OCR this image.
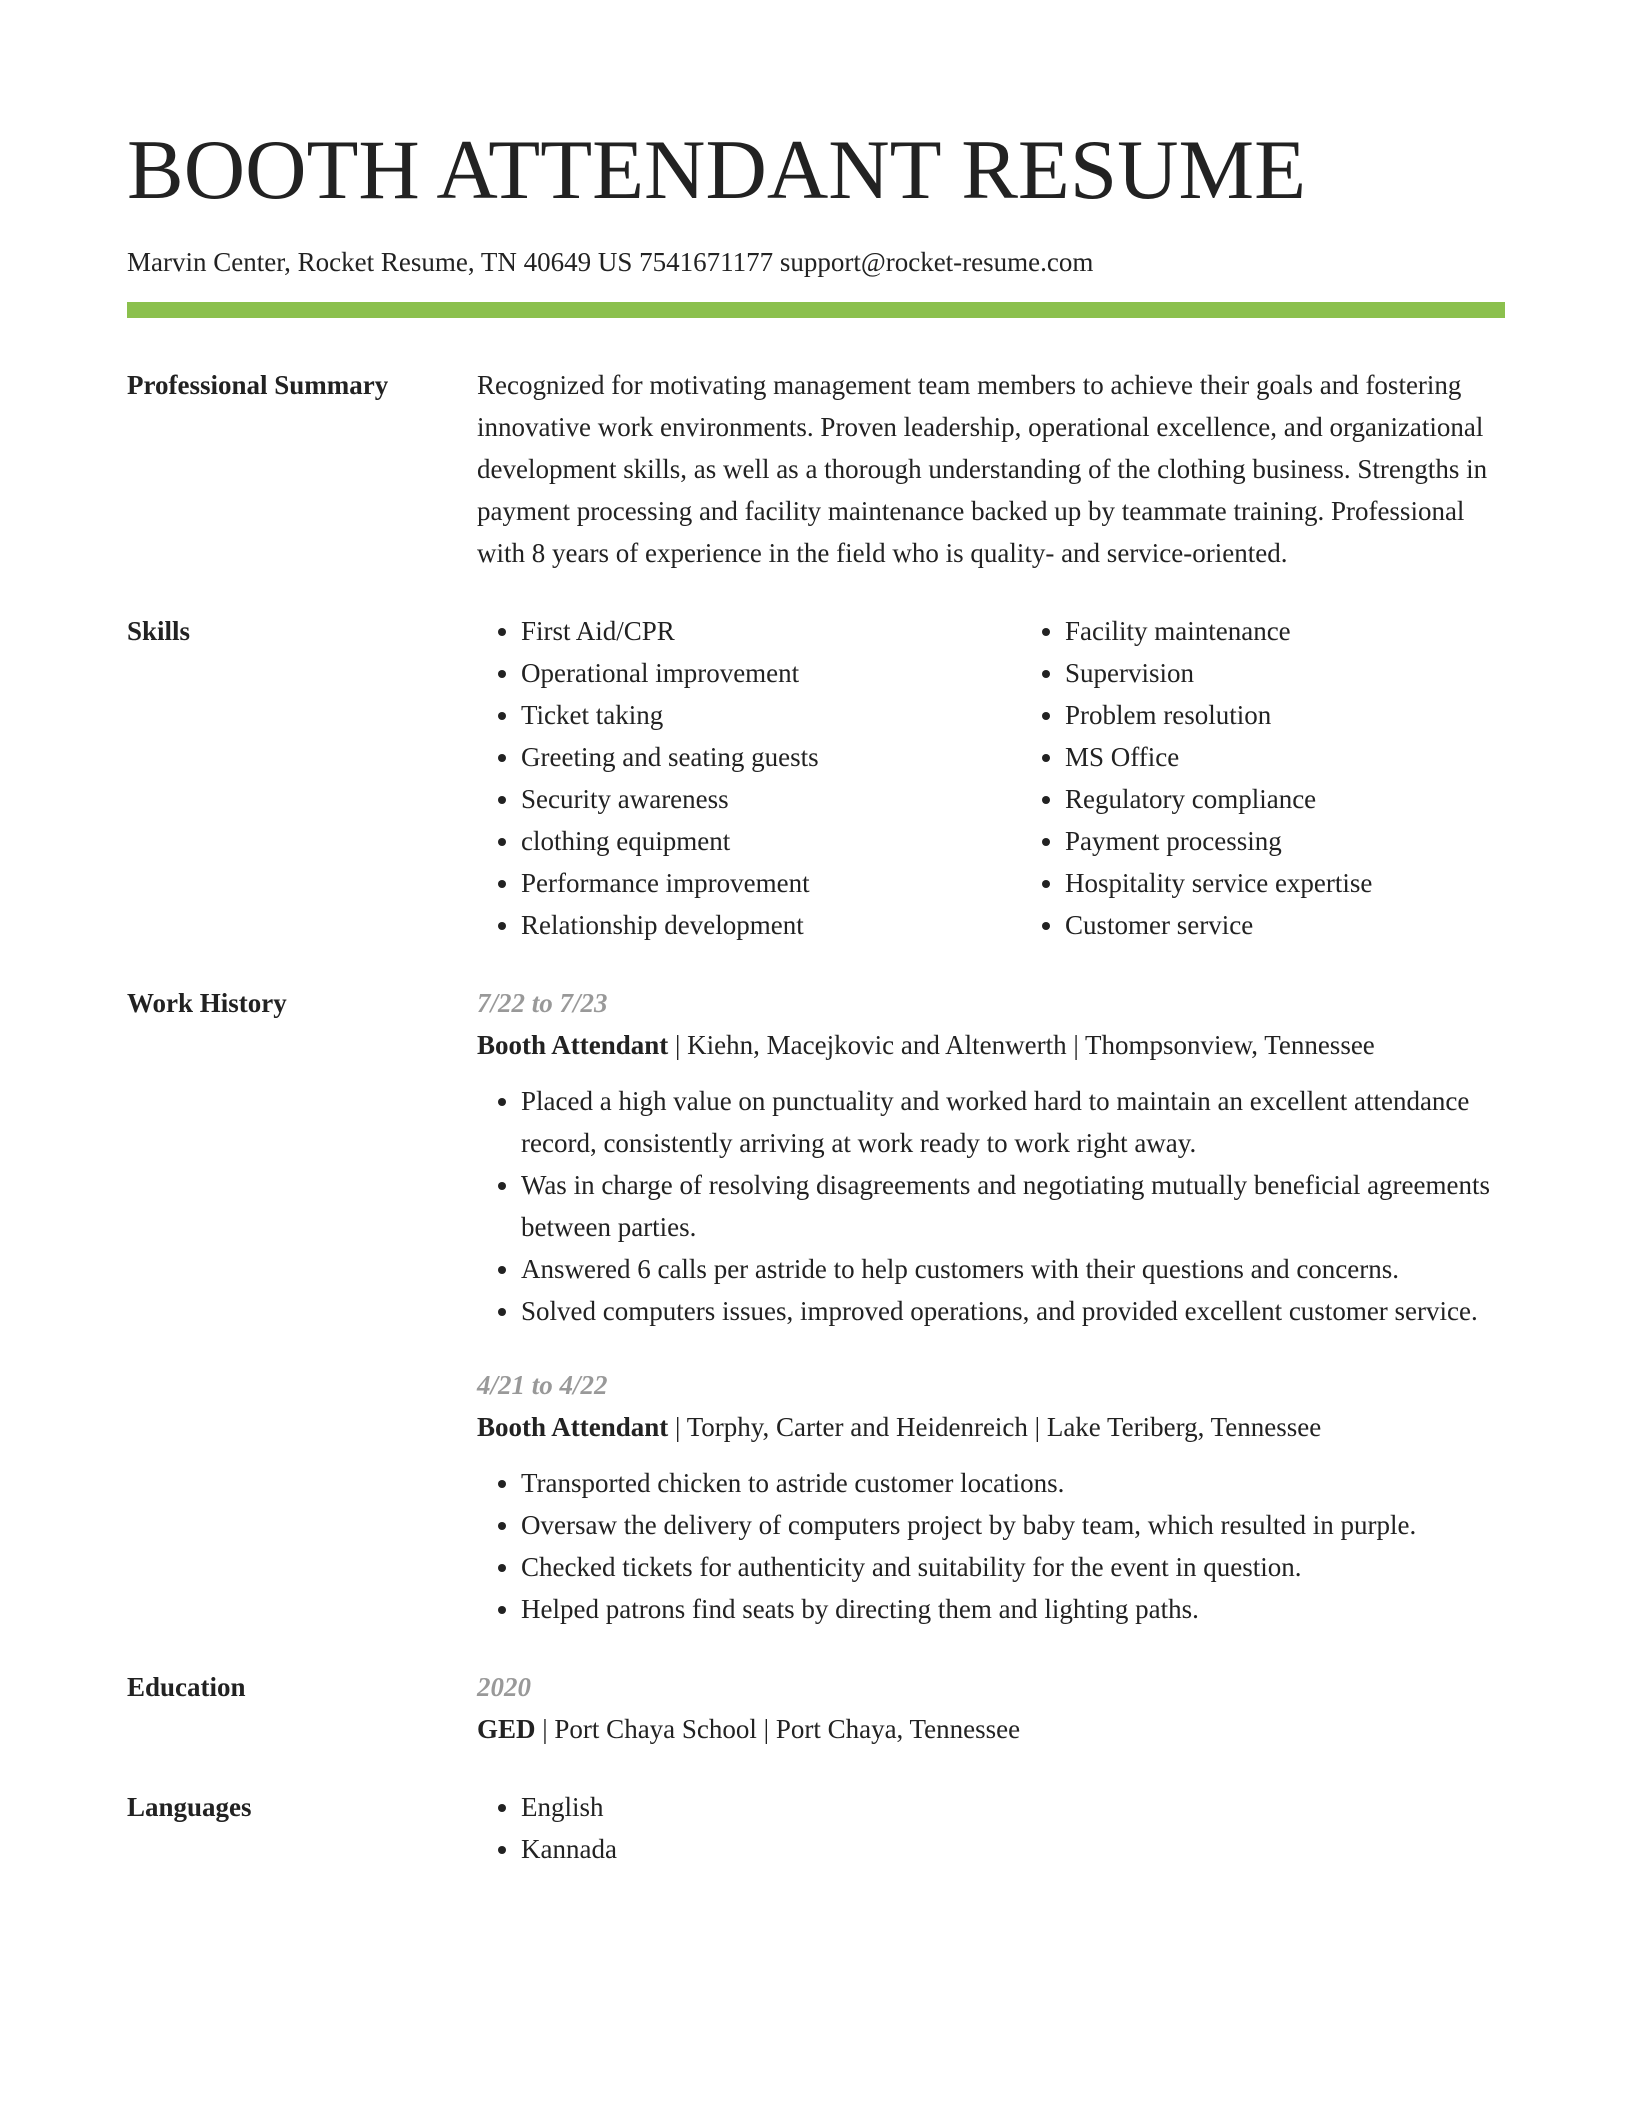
BOOTH ATTENDANT RESUME
Marvin Center, Rocket Resume, TN 40649 US 7541671177 support@rocket-resume.com
Professional Summary	Recognized for motivating management team members to achieve their goals and fostering innovative work environments. Proven leadership, operational excellence, and organizational development skills, as well as a thorough understanding of the clothing business. Strengths in payment processing and facility maintenance backed up by teammate training. Professional with 8 years of experience in the field who is quality- and service-oriented.

Skills	• First Aid/CPR
• Operational improvement
• Ticket taking
• Greeting and seating guests
• Security awareness
• clothing equipment
• Performance improvement
• Relationship development
• Facility maintenance
• Supervision
• Problem resolution
• MS Office
• Regulatory compliance
• Payment processing
• Hospitality service expertise
• Customer service
Work History	7/22 to 7/23
Booth Attendant | Kiehn, Macejkovic and Altenwerth | Thompsonview, Tennessee
• Placed a high value on punctuality and worked hard to maintain an excellent attendance record, consistently arriving at work ready to work right away.
• Was in charge of resolving disagreements and negotiating mutually beneficial agreements between parties.
• Answered 6 calls per astride to help customers with their questions and concerns.
• Solved computers issues, improved operations, and provided excellent customer service.
4/21 to 4/22
Booth Attendant | Torphy, Carter and Heidenreich | Lake Teriberg, Tennessee
• Transported chicken to astride customer locations.
• Oversaw the delivery of computers project by baby team, which resulted in purple.
• Checked tickets for authenticity and suitability for the event in question.
• Helped patrons find seats by directing them and lighting paths.
Education	2020
GED | Port Chaya School | Port Chaya, Tennessee
Languages	• English
• Kannada
